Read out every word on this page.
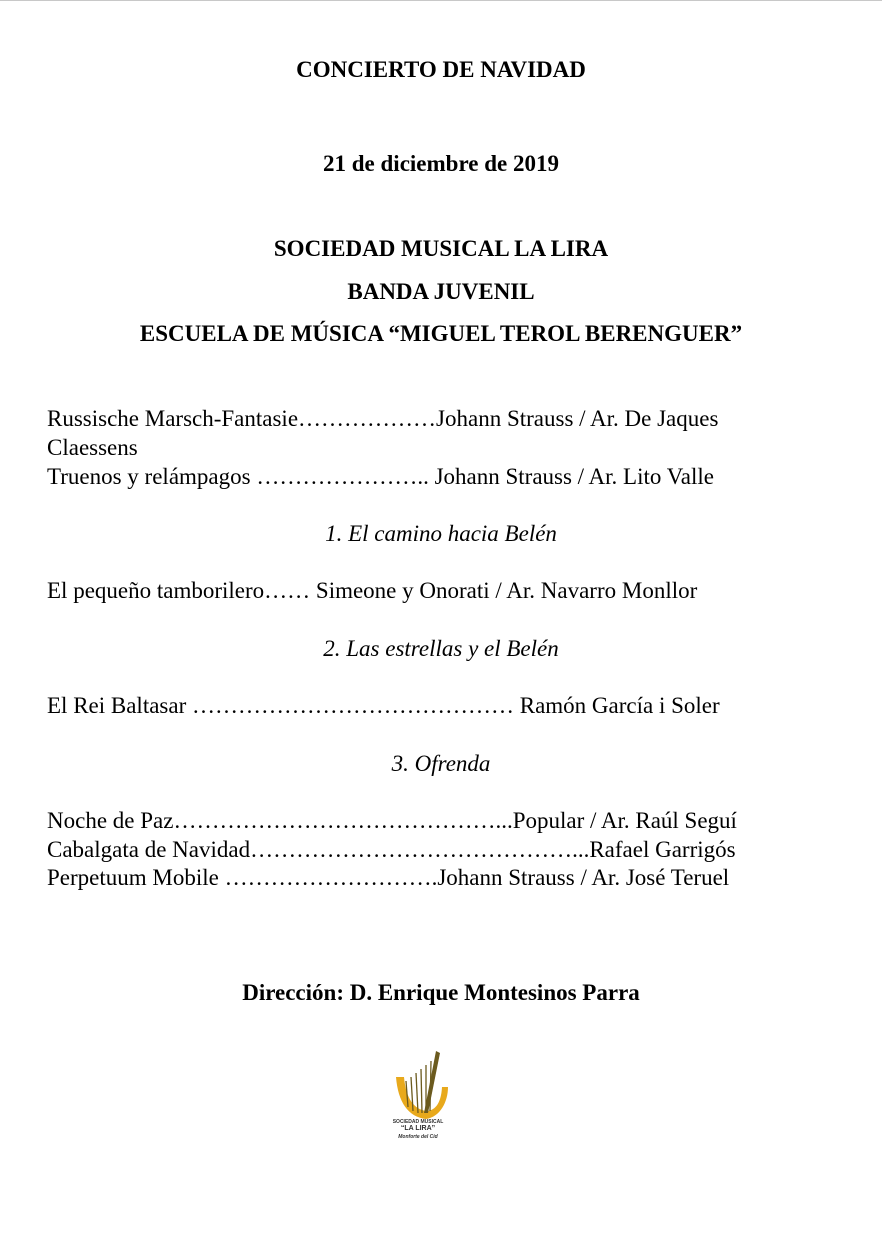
CONCIERTO DE NAVIDAD
21 de diciembre de 2019
SOCIEDAD MUSICAL LA LIRA
BANDA JUVENIL
ESCUELA DE MÚSICA “MIGUEL TEROL BERENGUER”
Russische Marsch-Fantasie………………Johann Strauss / Ar. De Jaques
Claessens
Truenos y relámpagos ………………….. Johann Strauss / Ar. Lito Valle
1. El camino hacia Belén
El pequeño tamborilero…… Simeone y Onorati / Ar. Navarro Monllor
2. Las estrellas y el Belén
El Rei Baltasar …………………………………… Ramón García i Soler
3. Ofrenda
Noche de Paz……………………………………...Popular / Ar. Raúl Seguí
Cabalgata de Navidad……………………………………...Rafael Garrigós
Perpetuum Mobile ……………………….Johann Strauss / Ar. José Teruel
Dirección: D. Enrique Montesinos Parra
SOCIEDAD MUSICAL
“LA LIRA”
Monforte del Cid
